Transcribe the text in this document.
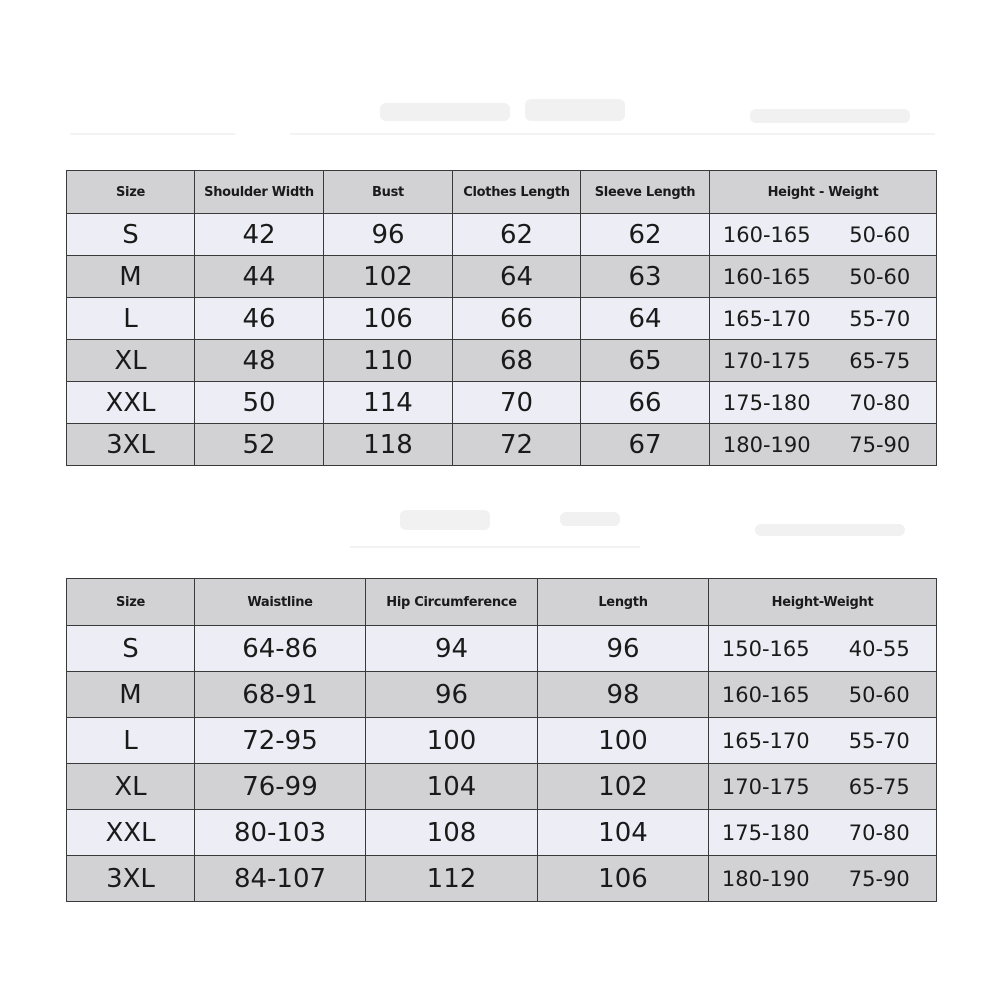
Size	Shoulder Width	Bust	Clothes Length	Sleeve Length	Height - Weight	
S	42	96	62	62	160-165	50-60
M	44	102	64	63	160-165	50-60
L	46	106	66	64	165-170	55-70
XL	48	110	68	65	170-175	65-75
XXL	50	114	70	66	175-180	70-80
3XL	52	118	72	67	180-190	75-90
Size	Waistline	Hip Circumference	Length	Height-Weight	
S	64-86	94	96	150-165	40-55
M	68-91	96	98	160-165	50-60
L	72-95	100	100	165-170	55-70
XL	76-99	104	102	170-175	65-75
XXL	80-103	108	104	175-180	70-80
3XL	84-107	112	106	180-190	75-90
